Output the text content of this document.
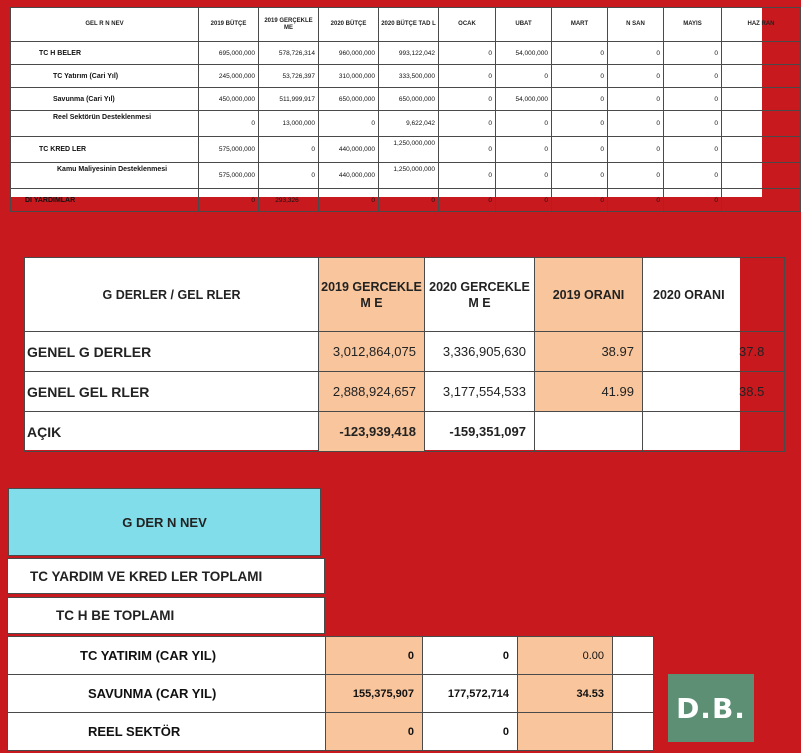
GEL R N NEV	2019 BÜTÇE	2019 GERÇEKLE ME	2020 BÜTÇE	2020 BÜTÇE TAD L	OCAK	UBAT	MART	N SAN	MAYIS	HAZ RAN
TC H BELER	695,000,000	578,726,314	960,000,000	993,122,042	0	54,000,000	0	0	0	
TC Yatırım (Cari Yıl)	245,000,000	53,726,397	310,000,000	333,500,000	0	0	0	0	0	
Savunma (Cari Yıl)	450,000,000	511,999,917	650,000,000	650,000,000	0	54,000,000	0	0	0	
Reel Sektörün Desteklenmesi	0	13,000,000	0	9,622,042	0	0	0	0	0	
TC KRED LER	575,000,000	0	440,000,000	1,250,000,000	0	0	0	0	0	
Kamu Maliyesinin Desteklenmesi	575,000,000	0	440,000,000	1,250,000,000	0	0	0	0	0	
DI YARDIMLAR	0	293,326	0	0	0	0	0	0	0	
G DERLER / GEL RLER	2019 GERCEKLE M E	2020 GERCEKLE M E	2019 ORANI	2020 ORANI
GENEL G DERLER	3,012,864,075	3,336,905,630	38.97	37.8
GENEL GEL RLER	2,888,924,657	3,177,554,533	41.99	38.5
AÇIK	-123,939,418	-159,351,097		
G DER N NEV
TC YARDIM VE KRED LER TOPLAMI
TC H BE TOPLAMI
TC YATIRIM (CAR YIL)	0	0	0.00	
SAVUNMA (CAR YIL)	155,375,907	177,572,714	34.53	
REEL SEKTÖR	0	0		
D.B.
